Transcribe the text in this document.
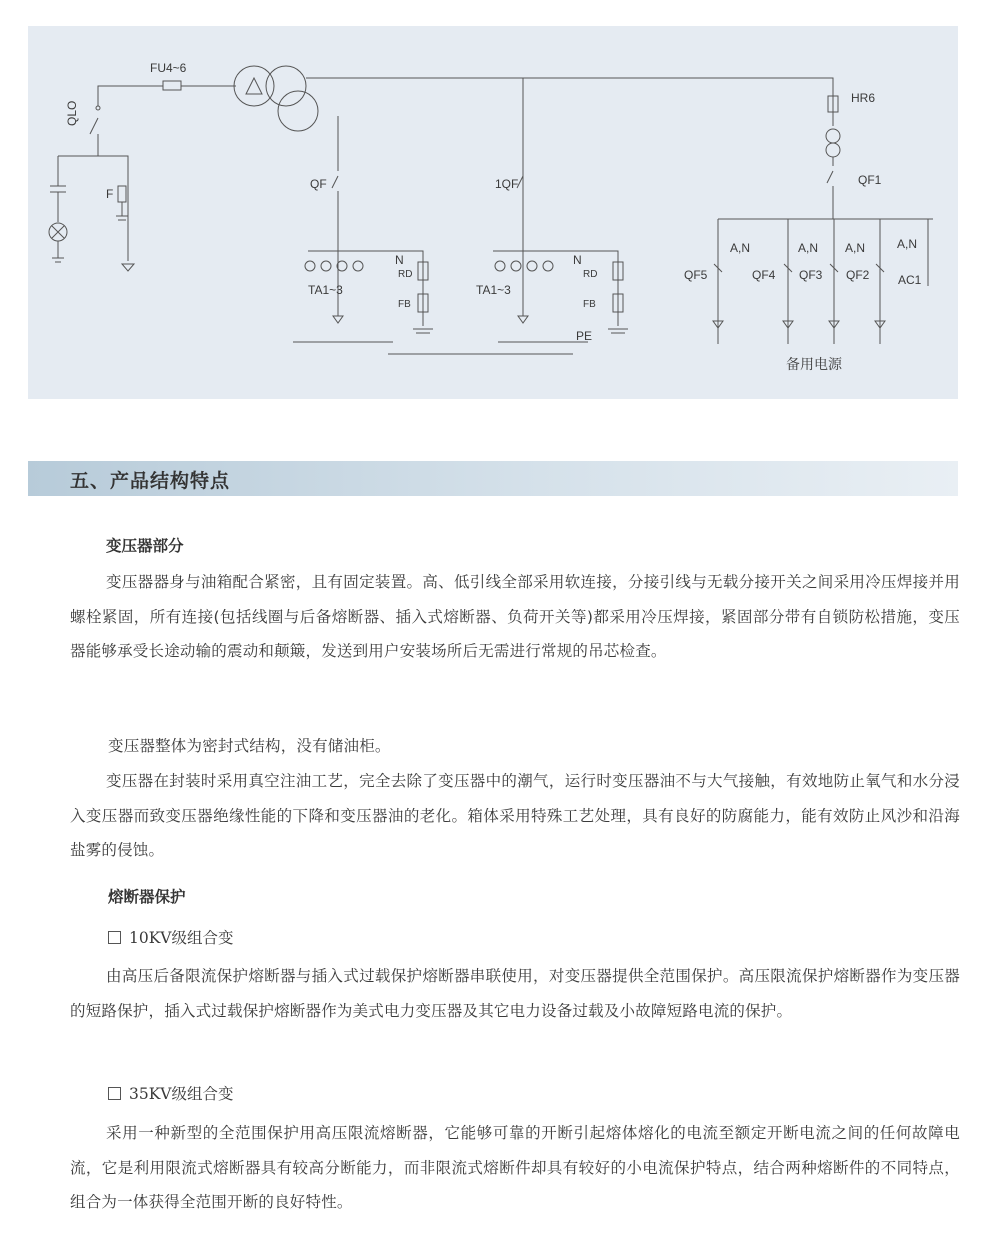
FU4~6
QLO
F
HR6
QF	1QF	QF1
TA1~3	TA1~3
N
RD
FB
N
RD
FB
PE
A,N	A,N A,N	A,N
QF5	QF4 QF3 QF2 AC1
备用电源
五、产品结构特点
变压器部分

变压器器身与油箱配合紧密，且有固定装置。高、低引线全部采用软连接，分接引线与无载分接开关之间采用冷压焊接并用螺栓紧固，所有连接(包括线圈与后备熔断器、插入式熔断器、负荷开关等)都采用冷压焊接，紧固部分带有自锁防松措施，变压器能够承受长途动输的震动和颠簸，发送到用户安装场所后无需进行常规的吊芯检查。

变压器整体为密封式结构，没有储油柜。

变压器在封装时采用真空注油工艺，完全去除了变压器中的潮气，运行时变压器油不与大气接触，有效地防止氧气和水分浸入变压器而致变压器绝缘性能的下降和变压器油的老化。箱体采用特殊工艺处理，具有良好的防腐能力，能有效防止风沙和沿海盐雾的侵蚀。

熔断器保护
10KV级组合变

由高压后备限流保护熔断器与插入式过载保护熔断器串联使用，对变压器提供全范围保护。高压限流保护熔断器作为变压器的短路保护，插入式过载保护熔断器作为美式电力变压器及其它电力设备过载及小故障短路电流的保护。

35KV级组合变

采用一种新型的全范围保护用高压限流熔断器，它能够可靠的开断引起熔体熔化的电流至额定开断电流之间的任何故障电流，它是利用限流式熔断器具有较高分断能力，而非限流式熔断件却具有较好的小电流保护特点，结合两种熔断件的不同特点，组合为一体获得全范围开断的良好特性。
